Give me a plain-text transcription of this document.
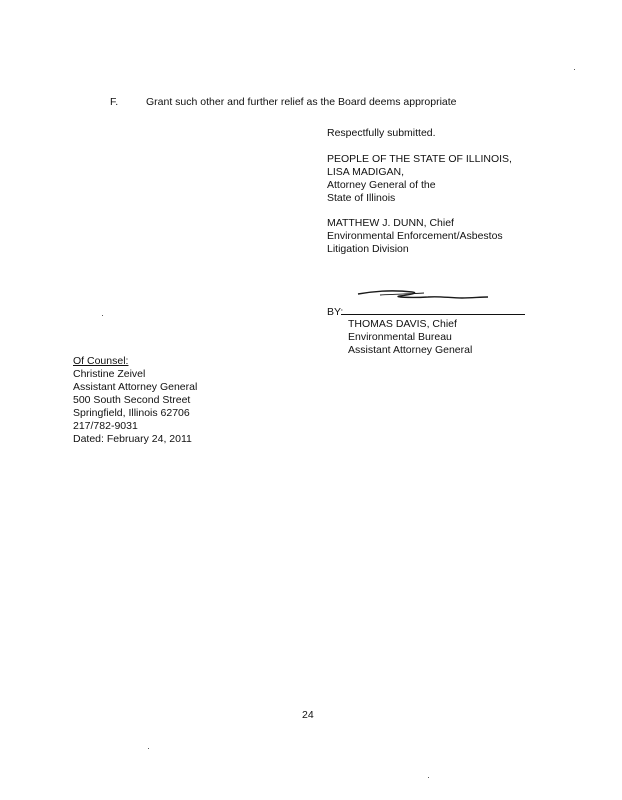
F.	Grant such other and further relief as the Board deems appropriate
Respectfully submitted.
PEOPLE OF THE STATE OF ILLINOIS,
LISA MADIGAN,
Attorney General of the
State of Illinois
MATTHEW J. DUNN, Chief
Environmental Enforcement/Asbestos
Litigation Division
BY:
THOMAS DAVIS, Chief
Environmental Bureau
Assistant Attorney General
Of Counsel:
Christine Zeivel
Assistant Attorney General
500 South Second Street
Springfield, Illinois 62706
217/782-9031
Dated: February 24, 2011
24
